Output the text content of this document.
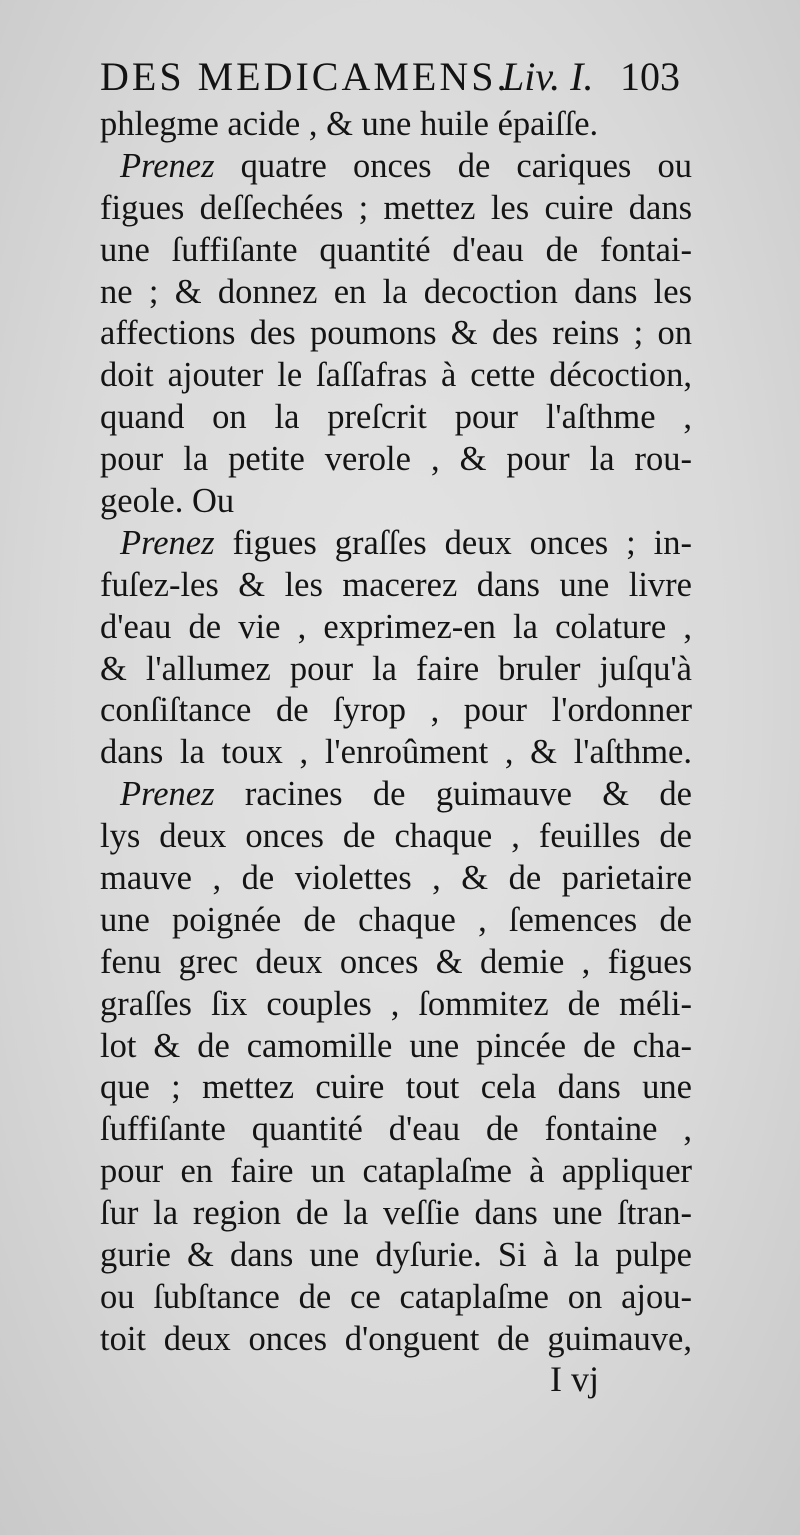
DES MEDICAMENS.
Liv. I. 103
phlegme acide , & une huile épaiſſe.
Prenez quatre onces de cariques ou
figues deſſechées ; mettez les cuire dans
une ſuffiſante quantité d'eau de fontai-
ne ; & donnez en la decoction dans les
affections des poumons & des reins ; on
doit ajouter le ſaſſafras à cette décoction,
quand on la preſcrit pour l'aſthme ,
pour la petite verole , & pour la rou-
geole. Ou
Prenez figues graſſes deux onces ; in-
fuſez-les & les macerez dans une livre
d'eau de vie , exprimez-en la colature ,
& l'allumez pour la faire bruler juſqu'à
conſiſtance de ſyrop , pour l'ordonner
dans la toux , l'enroûment , & l'aſthme.
Prenez racines de guimauve & de
lys deux onces de chaque , feuilles de
mauve , de violettes , & de parietaire
une poignée de chaque , ſemences de
fenu grec deux onces & demie , figues
graſſes ſix couples , ſommitez de méli-
lot & de camomille une pincée de cha-
que ; mettez cuire tout cela dans une
ſuffiſante quantité d'eau de fontaine ,
pour en faire un cataplaſme à appliquer
ſur la region de la veſſie dans une ſtran-
gurie & dans une dyſurie. Si à la pulpe
ou ſubſtance de ce cataplaſme on ajou-
toit deux onces d'onguent de guimauve,
I vj
